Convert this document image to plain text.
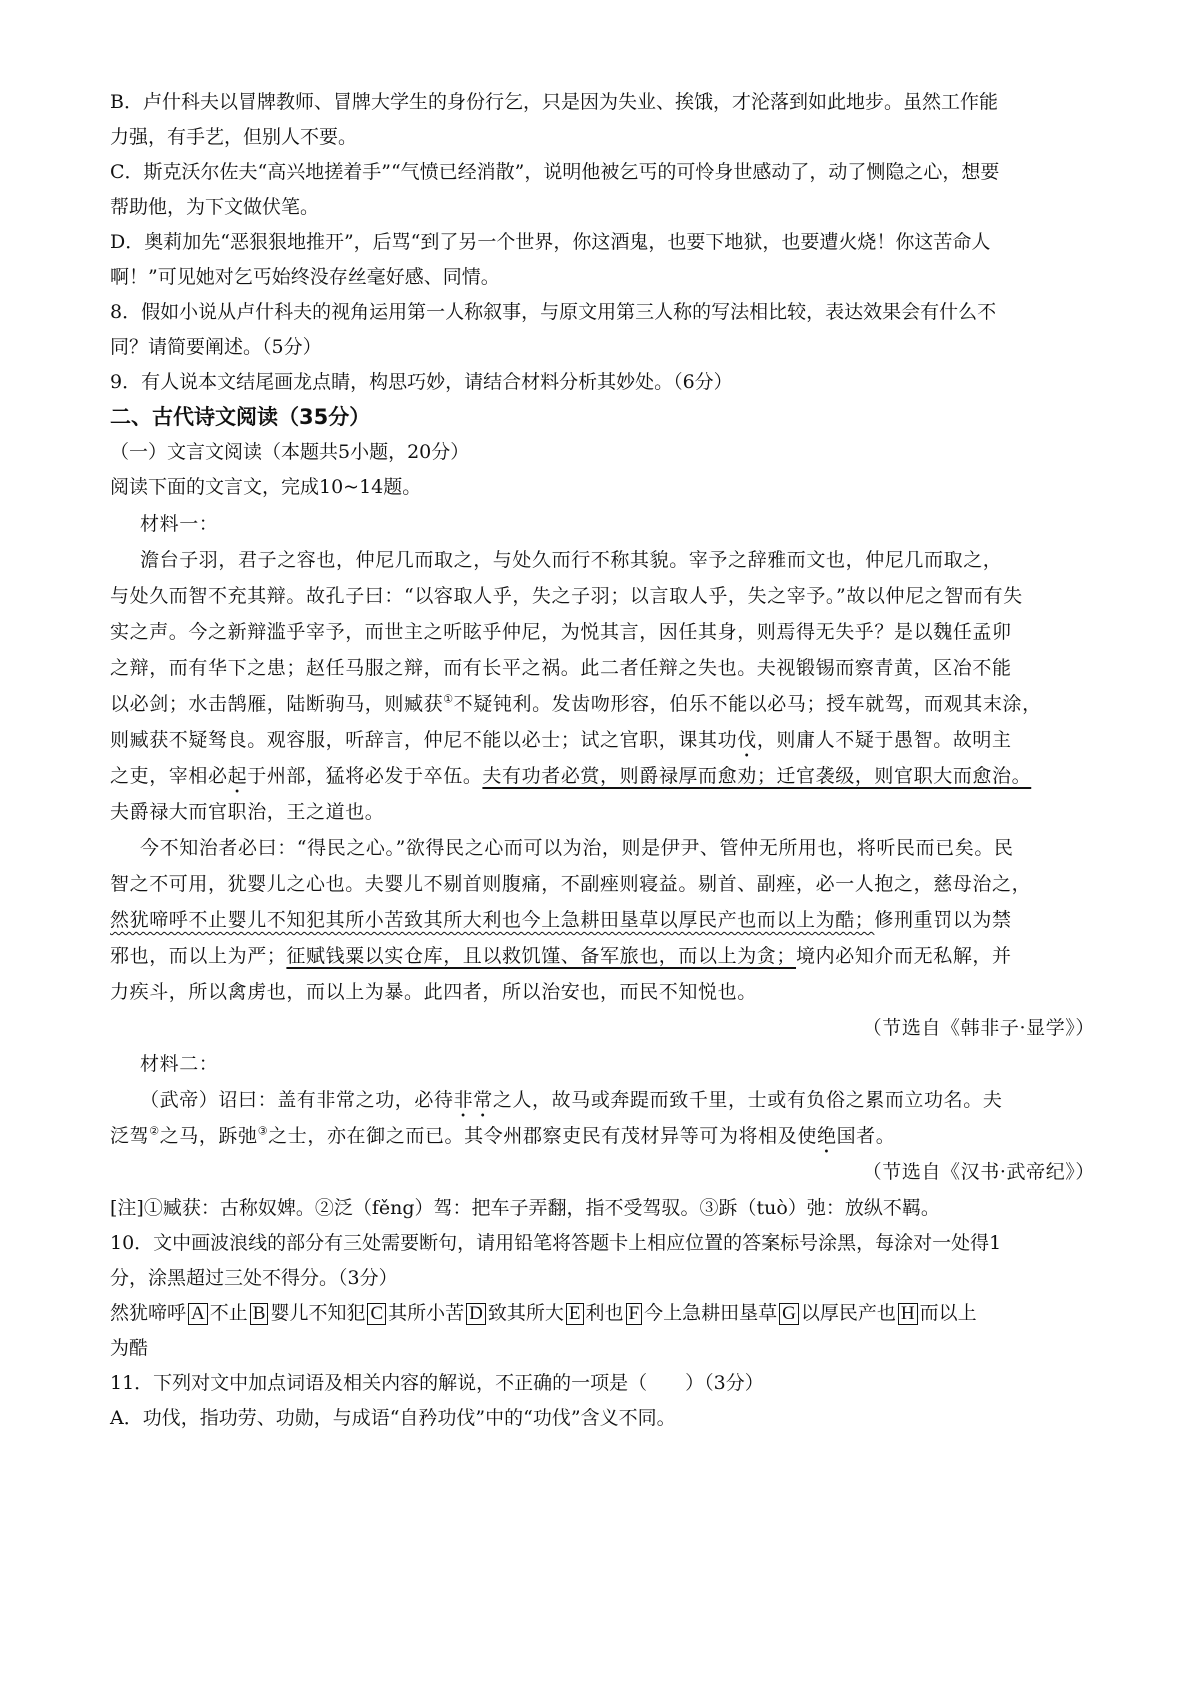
B．卢什科夫以冒牌教师、冒牌大学生的身份行乞，只是因为失业、挨饿，才沦落到如此地步。虽然工作能
力强，有手艺，但别人不要。
C．斯克沃尔佐夫“高兴地搓着手”“气愤已经消散”，说明他被乞丐的可怜身世感动了，动了恻隐之心，想要
帮助他，为下文做伏笔。
D．奥莉加先“恶狠狠地推开”，后骂“到了另一个世界，你这酒鬼，也要下地狱，也要遭火烧！你这苦命人
啊！”可见她对乞丐始终没存丝毫好感、同情。
8．假如小说从卢什科夫的视角运用第一人称叙事，与原文用第三人称的写法相比较，表达效果会有什么不
同？请简要阐述。（5分）
9．有人说本文结尾画龙点睛，构思巧妙，请结合材料分析其妙处。（6分）
二、古代诗文阅读（35分）
（一）文言文阅读（本题共5小题，20分）
阅读下面的文言文，完成10~14题。
材料一：
澹台子羽，君子之容也，仲尼几而取之，与处久而行不称其貌。宰予之辞雅而文也，仲尼几而取之，
与处久而智不充其辩。故孔子曰：“以容取人乎，失之子羽；以言取人乎，失之宰予。”故以仲尼之智而有失
实之声。今之新辩滥乎宰予，而世主之听眩乎仲尼，为悦其言，因任其身，则焉得无失乎？是以魏任孟卯
之辩，而有华下之患；赵任马服之辩，而有长平之祸。此二者任辩之失也。夫视锻锡而察青黄，区冶不能
以必剑；水击鹄雁，陆断驹马，则臧获①不疑钝利。发齿吻形容，伯乐不能以必马；授车就驾，而观其末涂，
则臧获不疑驽良。观容服，听辞言，仲尼不能以必士；试之官职，课其功伐，则庸人不疑于愚智。故明主
之吏，宰相必起于州部，猛将必发于卒伍。夫有功者必赏，则爵禄厚而愈劝；迁官袭级，则官职大而愈治。
夫爵禄大而官职治，王之道也。
今不知治者必曰：“得民之心。”欲得民之心而可以为治，则是伊尹、管仲无所用也，将听民而已矣。民
智之不可用，犹婴儿之心也。夫婴儿不剔首则腹痛，不副痤则寝益。剔首、副痤，必一人抱之，慈母治之，
然犹啼呼不止婴儿不知犯其所小苦致其所大利也今上急耕田垦草以厚民产也而以上为酷；修刑重罚以为禁
邪也，而以上为严；征赋钱粟以实仓库，且以救饥馑、备军旅也，而以上为贪；境内必知介而无私解，并
力疾斗，所以禽虏也，而以上为暴。此四者，所以治安也，而民不知悦也。
（节选自《韩非子·显学》）
材料二：
（武帝）诏曰：盖有非常之功，必待非常之人，故马或奔踶而致千里，士或有负俗之累而立功名。夫
泛驾②之马，跅弛③之士，亦在御之而已。其令州郡察吏民有茂材异等可为将相及使绝国者。
（节选自《汉书·武帝纪》）
[注]①臧获：古称奴婢。②泛（fěng）驾：把车子弄翻，指不受驾驭。③跅（tuò）弛：放纵不羁。
10．文中画波浪线的部分有三处需要断句，请用铅笔将答题卡上相应位置的答案标号涂黑，每涂对一处得1
分，涂黑超过三处不得分。（3分）
然犹啼呼 A 不止 B 婴儿不知犯 C 其所小苦 D 致其所大 E 利也 F 今上急耕田垦草 G 以厚民产也 H 而以上
为酷
11．下列对文中加点词语及相关内容的解说，不正确的一项是（　　）（3分）
A．功伐，指功劳、功勋，与成语“自矜功伐”中的“功伐”含义不同。
